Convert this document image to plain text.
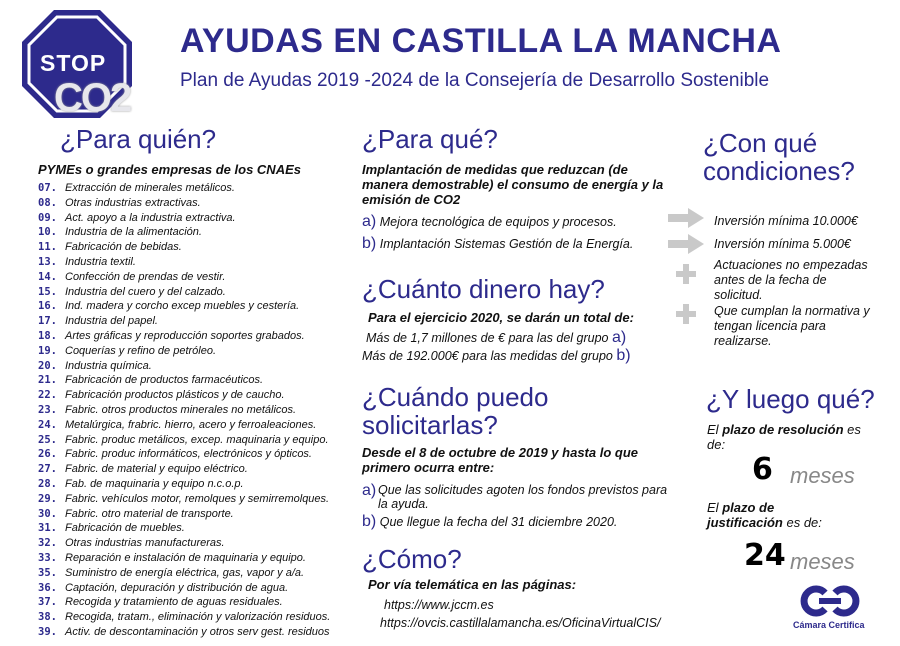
STOP
CO2
AYUDAS EN CASTILLA LA MANCHA
Plan de Ayudas 2019 -2024 de la Consejería de Desarrollo Sostenible
¿Para quién?
PYMEs o grandes empresas de los CNAEs
07. Extracción de minerales metálicos.
08. Otras industrias extractivas.
09. Act. apoyo a la industria extractiva.
10. Industria de la alimentación.
11. Fabricación de bebidas.
13. Industria textil.
14. Confección de prendas de vestir.
15. Industria del cuero y del calzado.
16. Ind. madera y corcho excep muebles y cestería.
17. Industria del papel.
18. Artes gráficas y reproducción soportes grabados.
19. Coquerías y refino de petróleo.
20. Industria química.
21. Fabricación de productos farmacéuticos.
22. Fabricación productos plásticos y de caucho.
23. Fabric. otros productos minerales no metálicos.
24. Metalúrgica, frabric. hierro, acero y ferroaleaciones.
25. Fabric. produc metálicos, excep. maquinaria y equipo.
26. Fabric. produc informáticos, electrónicos y ópticos.
27. Fabric. de material y equipo eléctrico.
28. Fab. de maquinaria y equipo n.c.o.p.
29. Fabric. vehículos motor, remolques y semirremolques.
30. Fabric. otro material de transporte.
31. Fabricación de muebles.
32. Otras industrias manufactureras.
33. Reparación e instalación de maquinaria y equipo.
35. Suministro de energía eléctrica, gas, vapor y a/a.
36. Captación, depuración y distribución de agua.
37. Recogida y tratamiento de aguas residuales.
38. Recogida, tratam., eliminación y valorización residuos.
39. Activ. de descontaminación y otros serv gest. residuos
¿Para qué?
Implantación de medidas que reduzcan (de manera demostrable) el consumo de energía y la emisión de CO2
a) Mejora tecnológica de equipos y procesos.
b) Implantación Sistemas Gestión de la Energía.
¿Cuánto dinero hay?
Para el ejercicio 2020, se darán un total de:
Más de 1,7 millones de € para las del grupo a)
Más de 192.000€ para las medidas del grupo b)
¿Cuándo puedo
solicitarlas?
Desde el 8 de octubre de 2019 y hasta lo que primero ocurra entre:
a) Que las solicitudes agoten los fondos previstos para la ayuda.
b) Que llegue la fecha del 31 diciembre 2020.
¿Cómo?
Por vía telemática en las páginas:
https://www.jccm.es
https://ovcis.castillalamancha.es/OficinaVirtualCIS/
¿Con qué
condiciones?
Inversión mínima 10.000€
Inversión mínima 5.000€
Actuaciones no empezadas antes de la fecha de solicitud.
Que cumplan la normativa y tengan licencia para realizarse.
¿Y luego qué?
El plazo de resolución es de:
6 meses
El plazo de justificación es de:
24 meses
Cámara Certifica
